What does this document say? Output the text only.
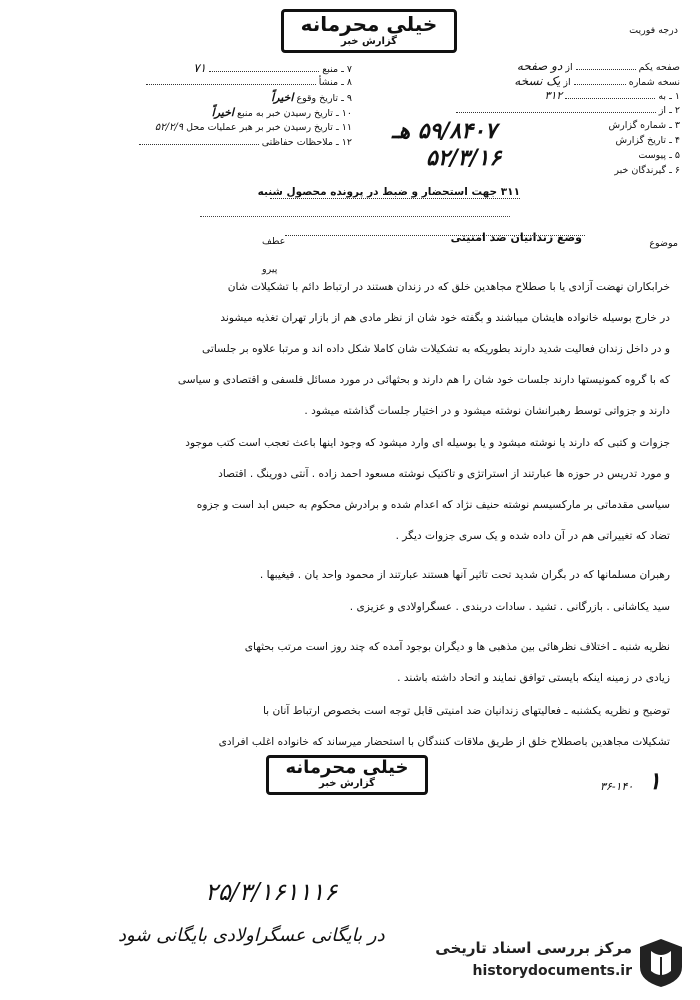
درجه فوریت
خیلی محرمانه
گزارش خبر
صفحه یکم  از دو صفحه
نسخه شماره  از یک نسخه
۱ ـ به  ۳۱۲
۲ ـ از
۳ ـ شماره گزارش
۴ ـ تاریخ گزارش
۵ ـ پیوست
۶ ـ گیرندگان خبر
۷ ـ منبع  ۷۱
۸ ـ منشأ
۹ ـ تاریخ وقوع اخیراً
۱۰ ـ تاریخ رسیدن خبر به منبع اخیراً
۱۱ ـ تاریخ رسیدن خبر بر هبر عملیات محل ۵۲/۲/۹
۱۲ ـ ملاحظات حفاظتی ۵۹/۸۴۰۷ هـ
۵۲/۳/۱۶
۳۱۱ جهت استحضار و ضبط در پرونده محصول شنبه
موضوع
وضع زندانیان ضد امنیتی
عطف
پیرو
خرابکاران نهضت آزادی یا با صطلاح مجاهدین خلق که در زندان هستند در ارتباط دائم با تشکیلات شان
در خارج بوسیله خانواده هایشان میباشند و بگفته خود شان از نظر مادی هم از بازار تهران تغذیه میشوند
و در داخل زندان فعالیت شدید دارند بطوریکه به تشکیلات شان کاملا شکل داده اند و مرتبا علاوه بر جلساتی
که با گروه کمونیستها دارند جلسات خود شان را هم دارند و بحثهائی در مورد مسائل فلسفی و اقتصادی و سیاسی
دارند و جزواتی توسط رهبرانشان نوشته میشود و در اختیار جلسات گذاشته میشود .
جزوات و کتبی که دارند یا نوشته میشود و یا بوسیله ای وارد میشود که وجود اینها باعث تعجب است کتب موجود
و مورد تدریس در حوزه ها عبارتند از استراتژی و تاکتیک نوشته مسعود احمد زاده . آنتی دورینگ . اقتصاد
سیاسی مقدماتی بر مارکسیسم نوشته حنیف نژاد که اعدام شده و برادرش محکوم به حبس ابد است و جزوه
تضاد که تغییراتی هم در آن داده شده و یک سری جزوات دیگر .
رهبران مسلمانها که در بگران شدید تحت تاثیر آنها هستند عبارتند از محمود واحد یان . فیغیبها .
سید یکاشانی . بازرگانی . تشید . سادات دربندی . عسگراولادی و عزیزی .
نظریه شنبه ـ اختلاف نظرهائی بین مذهبی ها و دیگران بوجود آمده که چند روز است مرتب بحثهای
زیادی در زمینه اینکه بایستی توافق نمایند و اتحاد داشته باشند .
توضیح و نظریه یکشنبه ـ فعالیتهای زندانیان ضد امنیتی قابل توجه است بخصوص ارتباط آنان با
تشکیلات مجاهدین باصطلاح خلق از طریق ملاقات کنندگان با استحضار میرساند که خانواده اغلب افرادی
خیلی محرمانه
گزارش خبر	۳۶-۱۴۰ ۱
۲۵/۳/۱۶۱۱۱۶
در بایگانی عسگراولادی بایگانی شود
مرکز بررسی اسناد تاریخی
historydocuments.ir
